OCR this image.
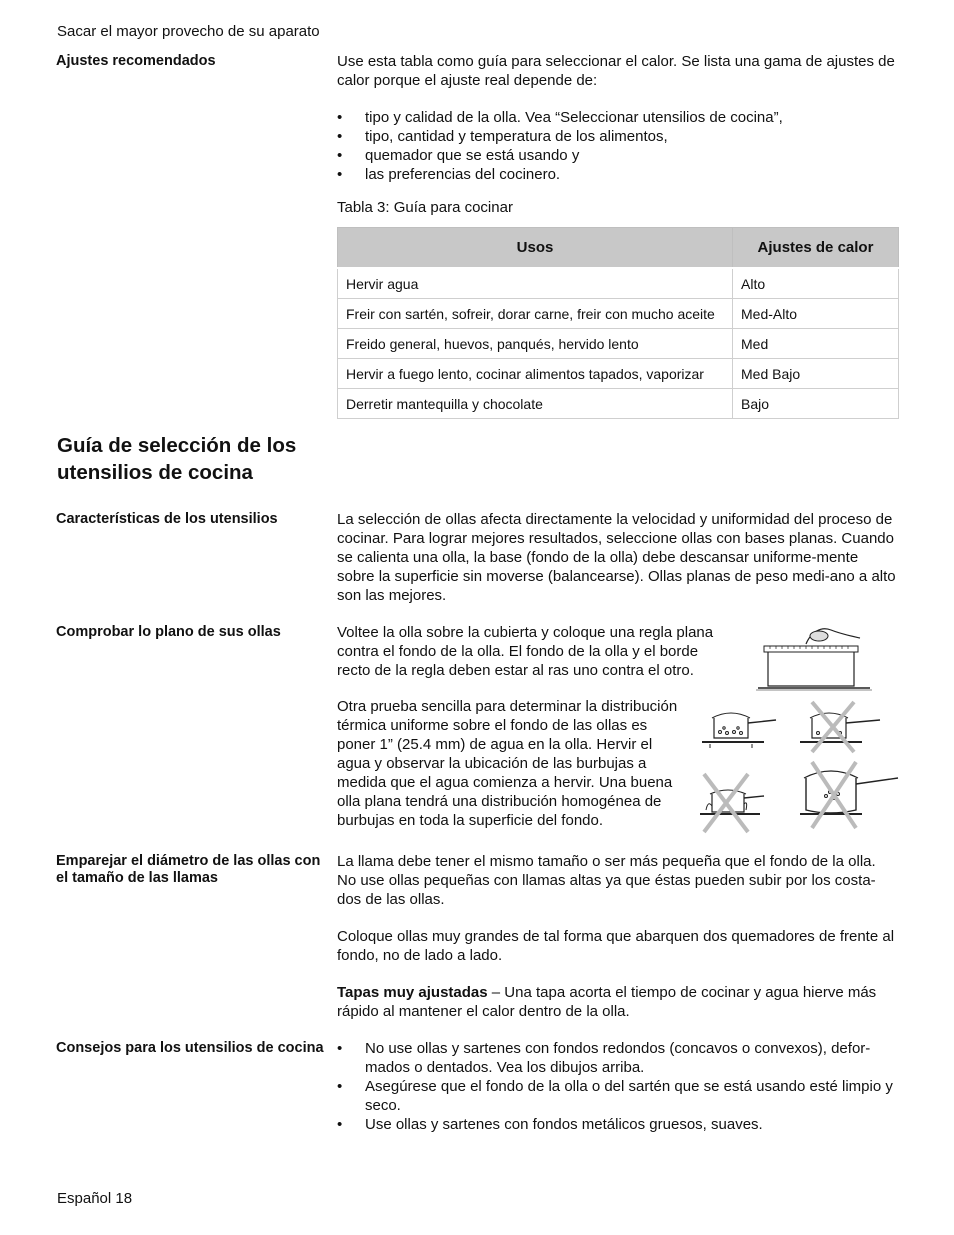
Sacar el mayor provecho de su aparato
Ajustes recomendados	Use esta tabla como guía para seleccionar el calor. Se lista una gama de ajustes de calor porque el ajuste real depende de:

• tipo y calidad de la olla. Vea “Seleccionar utensilios de cocina”,
• tipo, cantidad y temperatura de los alimentos,
• quemador que se está usando y
• las preferencias del cocinero.
Tabla 3: Guía para cocinar
Usos	Ajustes de calor
Hervir agua	Alto
Freir con sartén, sofreir, dorar carne, freir con mucho aceite	Med-Alto
Freido general, huevos, panqués, hervido lento	Med
Hervir a fuego lento, cocinar alimentos tapados, vaporizar	Med Bajo
Derretir mantequilla y chocolate	Bajo
Guía de selección de los utensilios de cocina
Características de los utensilios	La selección de ollas afecta directamente la velocidad y uniformidad del proceso de cocinar. Para lograr mejores resultados, seleccione ollas con bases planas. Cuando se calienta una olla, la base (fondo de la olla) debe descansar uniforme-mente sobre la superficie sin moverse (balancearse). Ollas planas de peso medi-ano a alto son las mejores.
Comprobar lo plano de sus ollas	Voltee la olla sobre la cubierta y coloque una regla plana contra el fondo de la olla. El fondo de la olla y el borde recto de la regla deben estar al ras uno contra el otro.
Otra prueba sencilla para determinar la distribución térmica uniforme sobre el fondo de las ollas es poner 1” (25.4 mm) de agua en la olla. Hervir el agua y observar la ubicación de las burbujas a medida que el agua comienza a hervir. Una buena olla plana tendrá una distribución homogénea de burbujas en toda la superficie del fondo.
Emparejar el diámetro de las ollas con el tamaño de las llamas

La llama debe tener el mismo tamaño o ser más pequeña que el fondo de la olla. No use ollas pequeñas con llamas altas ya que éstas pueden subir por los costa-dos de las ollas.

Coloque ollas muy grandes de tal forma que abarquen dos quemadores de frente al fondo, no de lado a lado.

Tapas muy ajustadas – Una tapa acorta el tiempo de cocinar y agua hierve más rápido al mantener el calor dentro de la olla.

Consejos para los utensilios de cocina	• No use ollas y sartenes con fondos redondos (concavos o convexos), defor-mados o dentados. Vea los dibujos arriba.
• Asegúrese que el fondo de la olla o del sartén que se está usando esté limpio y seco.
• Use ollas y sartenes con fondos metálicos gruesos, suaves.
Español 18
